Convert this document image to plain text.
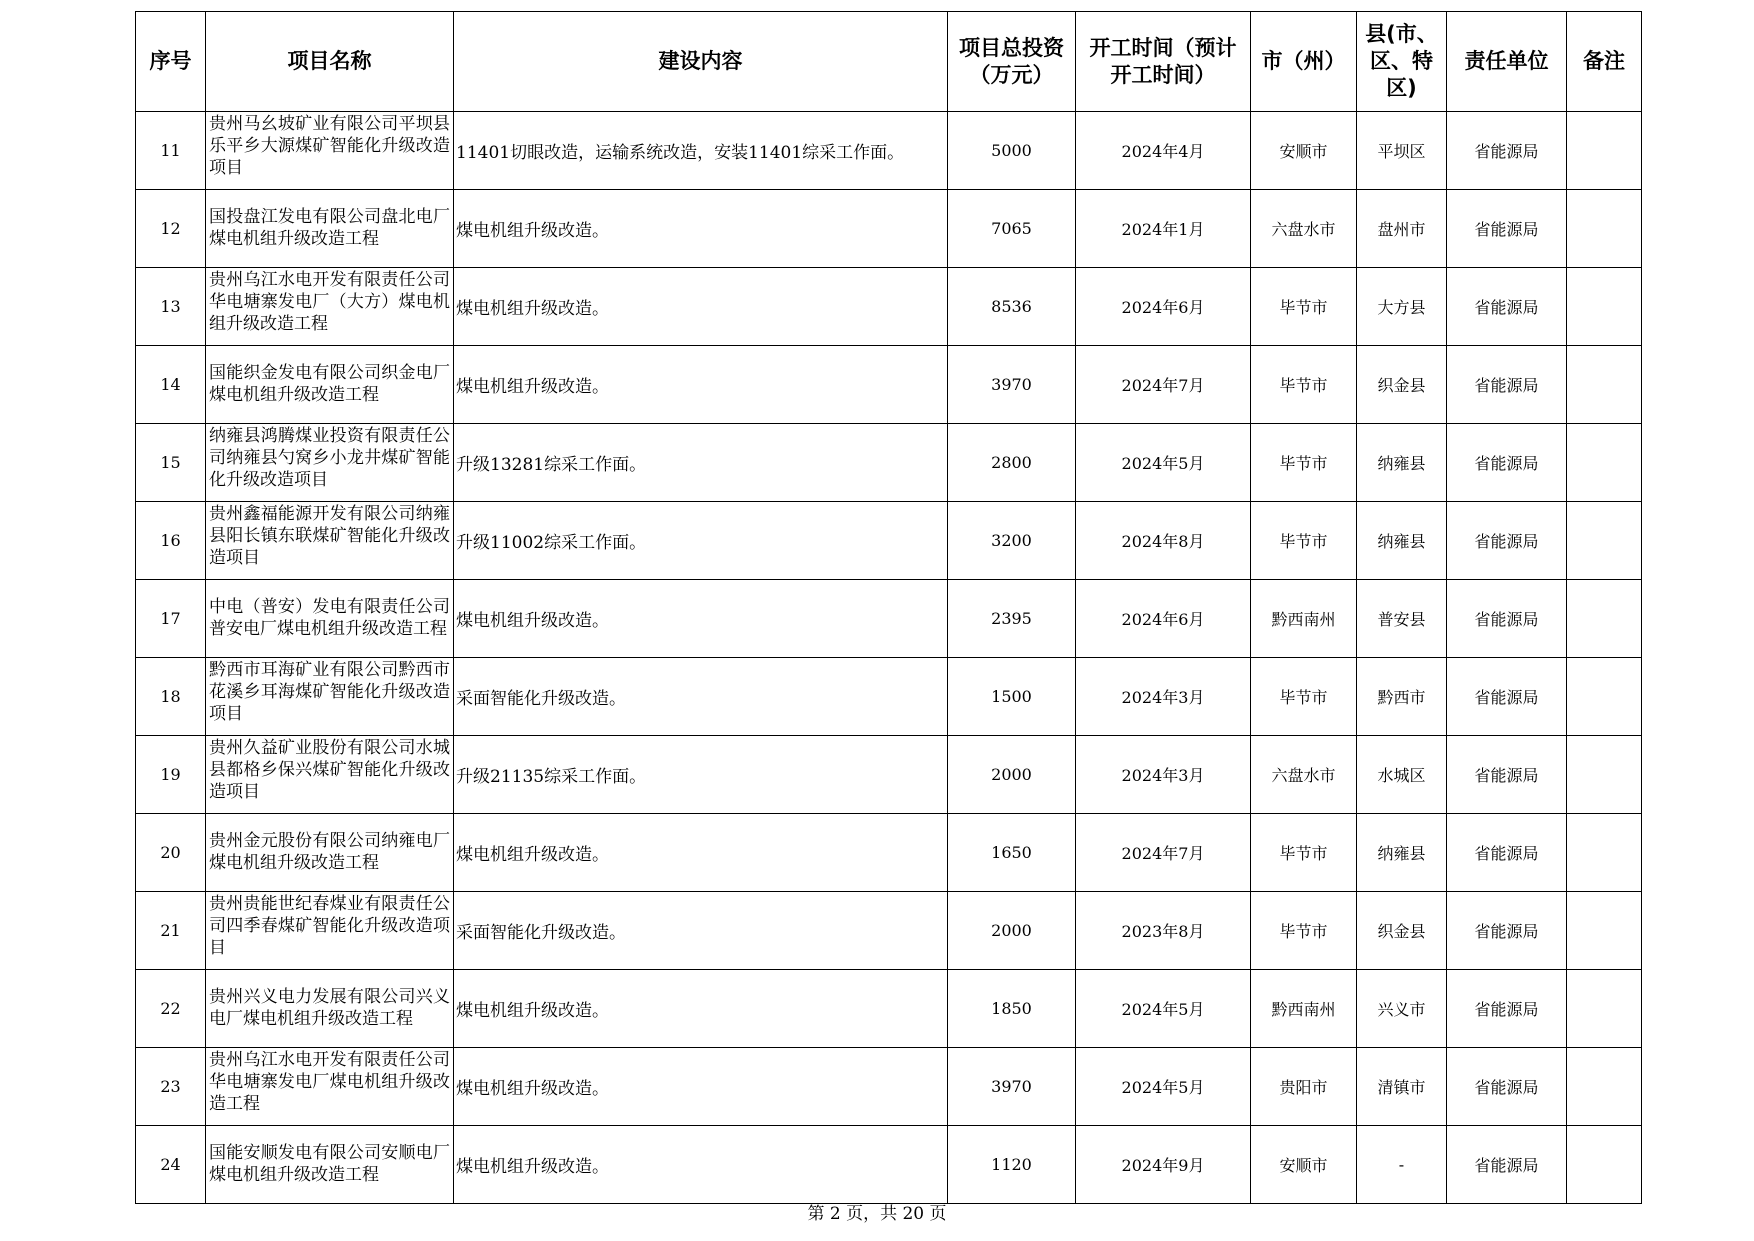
序号	项目名称	建设内容	项目总投资（万元）	开工时间（预计开工时间）	市（州）	县(市、区、特区)	责任单位	备注
11	贵州马幺坡矿业有限公司平坝县乐平乡大源煤矿智能化升级改造项目	11401切眼改造，运输系统改造，安装11401综采工作面。	5000	2024年4月	安顺市	平坝区	省能源局	
12	国投盘江发电有限公司盘北电厂煤电机组升级改造工程	煤电机组升级改造。	7065	2024年1月	六盘水市	盘州市	省能源局	
13	贵州乌江水电开发有限责任公司华电塘寨发电厂（大方）煤电机组升级改造工程	煤电机组升级改造。	8536	2024年6月	毕节市	大方县	省能源局	
14	国能织金发电有限公司织金电厂煤电机组升级改造工程	煤电机组升级改造。	3970	2024年7月	毕节市	织金县	省能源局	
15	纳雍县鸿腾煤业投资有限责任公司纳雍县勺窝乡小龙井煤矿智能化升级改造项目	升级13281综采工作面。	2800	2024年5月	毕节市	纳雍县	省能源局	
16	贵州鑫福能源开发有限公司纳雍县阳长镇东联煤矿智能化升级改造项目	升级11002综采工作面。	3200	2024年8月	毕节市	纳雍县	省能源局	
17	中电（普安）发电有限责任公司普安电厂煤电机组升级改造工程	煤电机组升级改造。	2395	2024年6月	黔西南州	普安县	省能源局	
18	黔西市耳海矿业有限公司黔西市花溪乡耳海煤矿智能化升级改造项目	采面智能化升级改造。	1500	2024年3月	毕节市	黔西市	省能源局	
19	贵州久益矿业股份有限公司水城县都格乡保兴煤矿智能化升级改造项目	升级21135综采工作面。	2000	2024年3月	六盘水市	水城区	省能源局	
20	贵州金元股份有限公司纳雍电厂煤电机组升级改造工程	煤电机组升级改造。	1650	2024年7月	毕节市	纳雍县	省能源局	
21	贵州贵能世纪春煤业有限责任公司四季春煤矿智能化升级改造项目	采面智能化升级改造。	2000	2023年8月	毕节市	织金县	省能源局	
22	贵州兴义电力发展有限公司兴义电厂煤电机组升级改造工程	煤电机组升级改造。	1850	2024年5月	黔西南州	兴义市	省能源局	
23	贵州乌江水电开发有限责任公司华电塘寨发电厂煤电机组升级改造工程	煤电机组升级改造。	3970	2024年5月	贵阳市	清镇市	省能源局	
24	国能安顺发电有限公司安顺电厂煤电机组升级改造工程	煤电机组升级改造。	1120	2024年9月	安顺市	-	省能源局	
第 2 页，共 20 页
